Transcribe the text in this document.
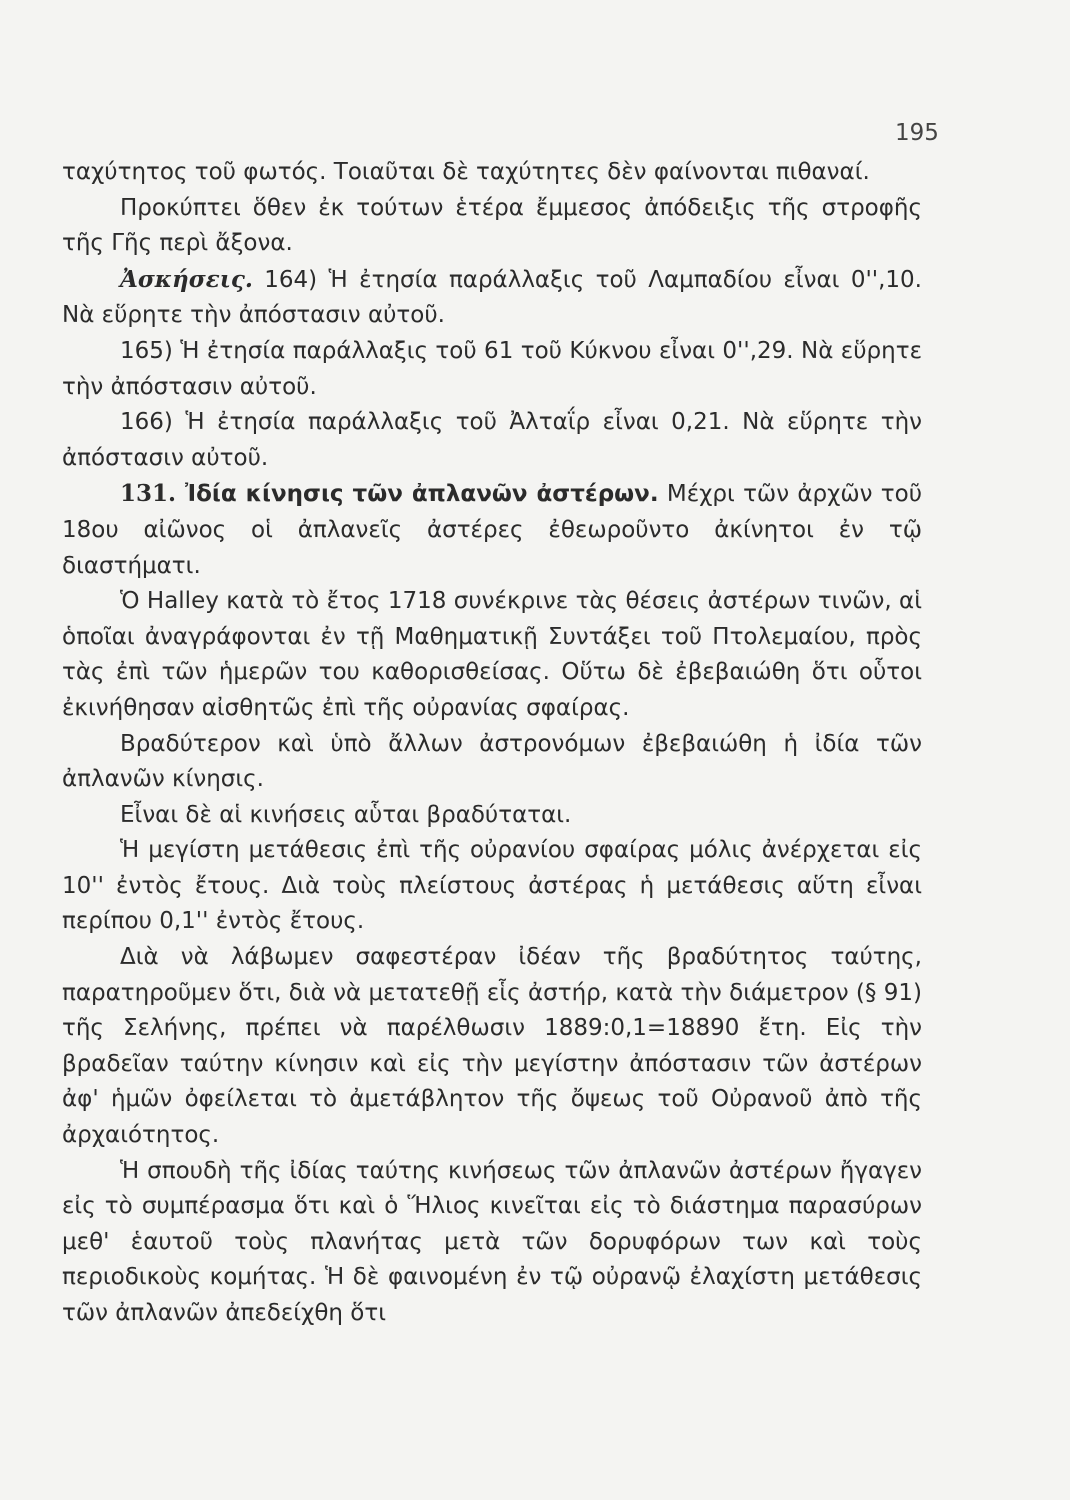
195

ταχύτητος τοῦ φωτός. Τοιαῦται δὲ ταχύτητες δὲν φαίνονται πιθαναί.

Προκύπτει ὅθεν ἐκ τούτων ἑτέρα ἔμμεσος ἀπόδειξις τῆς στροφῆς τῆς Γῆς περὶ ἄξονα.

Ἀσκήσεις. 164) Ἡ ἐτησία παράλλαξις τοῦ Λαμπαδίου εἶναι 0'',10. Νὰ εὕρητε τὴν ἀπόστασιν αὐτοῦ.

165) Ἡ ἐτησία παράλλαξις τοῦ 61 τοῦ Κύκνου εἶναι 0'',29. Νὰ εὕρητε τὴν ἀπόστασιν αὐτοῦ.

166) Ἡ ἐτησία παράλλαξις τοῦ Ἀλταΐρ εἶναι 0,21. Νὰ εὕρητε τὴν ἀπόστασιν αὐτοῦ.

131. Ἰδία κίνησις τῶν ἀπλανῶν ἀστέρων. Μέχρι τῶν ἀρχῶν τοῦ 18ου αἰῶνος οἱ ἀπλανεῖς ἀστέρες ἐθεωροῦντο ἀκίνητοι ἐν τῷ διαστήματι.

Ὁ Halley κατὰ τὸ ἔτος 1718 συνέκρινε τὰς θέσεις ἀστέρων τινῶν, αἱ ὁποῖαι ἀναγράφονται ἐν τῇ Μαθηματικῇ Συντάξει τοῦ Πτολεμαίου, πρὸς τὰς ἐπὶ τῶν ἡμερῶν του καθορισθείσας. Οὕτω δὲ ἐβεβαιώθη ὅτι οὗτοι ἐκινήθησαν αἰσθητῶς ἐπὶ τῆς οὐρανίας σφαίρας.

Βραδύτερον καὶ ὑπὸ ἄλλων ἀστρονόμων ἐβεβαιώθη ἡ ἰδία τῶν ἀπλανῶν κίνησις.

Εἶναι δὲ αἱ κινήσεις αὗται βραδύταται.

Ἡ μεγίστη μετάθεσις ἐπὶ τῆς οὐρανίου σφαίρας μόλις ἀνέρχεται εἰς 10'' ἐντὸς ἔτους. Διὰ τοὺς πλείστους ἀστέρας ἡ μετάθεσις αὕτη εἶναι περίπου 0,1'' ἐντὸς ἔτους.

Διὰ νὰ λάβωμεν σαφεστέραν ἰδέαν τῆς βραδύτητος ταύτης, παρατηροῦμεν ὅτι, διὰ νὰ μετατεθῇ εἷς ἀστήρ, κατὰ τὴν διάμετρον (§ 91) τῆς Σελήνης, πρέπει νὰ παρέλθωσιν 1889:0,1=18890 ἔτη. Εἰς τὴν βραδεῖαν ταύτην κίνησιν καὶ εἰς τὴν μεγίστην ἀπόστασιν τῶν ἀστέρων ἀφ' ἡμῶν ὀφείλεται τὸ ἀμετάβλητον τῆς ὄψεως τοῦ Οὐρανοῦ ἀπὸ τῆς ἀρχαιότητος.

Ἡ σπουδὴ τῆς ἰδίας ταύτης κινήσεως τῶν ἀπλανῶν ἀστέρων ἤγαγεν εἰς τὸ συμπέρασμα ὅτι καὶ ὁ Ἥλιος κινεῖται εἰς τὸ διάστημα παρασύρων μεθ' ἑαυτοῦ τοὺς πλανήτας μετὰ τῶν δορυφόρων των καὶ τοὺς περιοδικοὺς κομήτας. Ἡ δὲ φαινομένη ἐν τῷ οὐρανῷ ἐλαχίστη μετάθεσις τῶν ἀπλανῶν ἀπεδείχθη ὅτι
